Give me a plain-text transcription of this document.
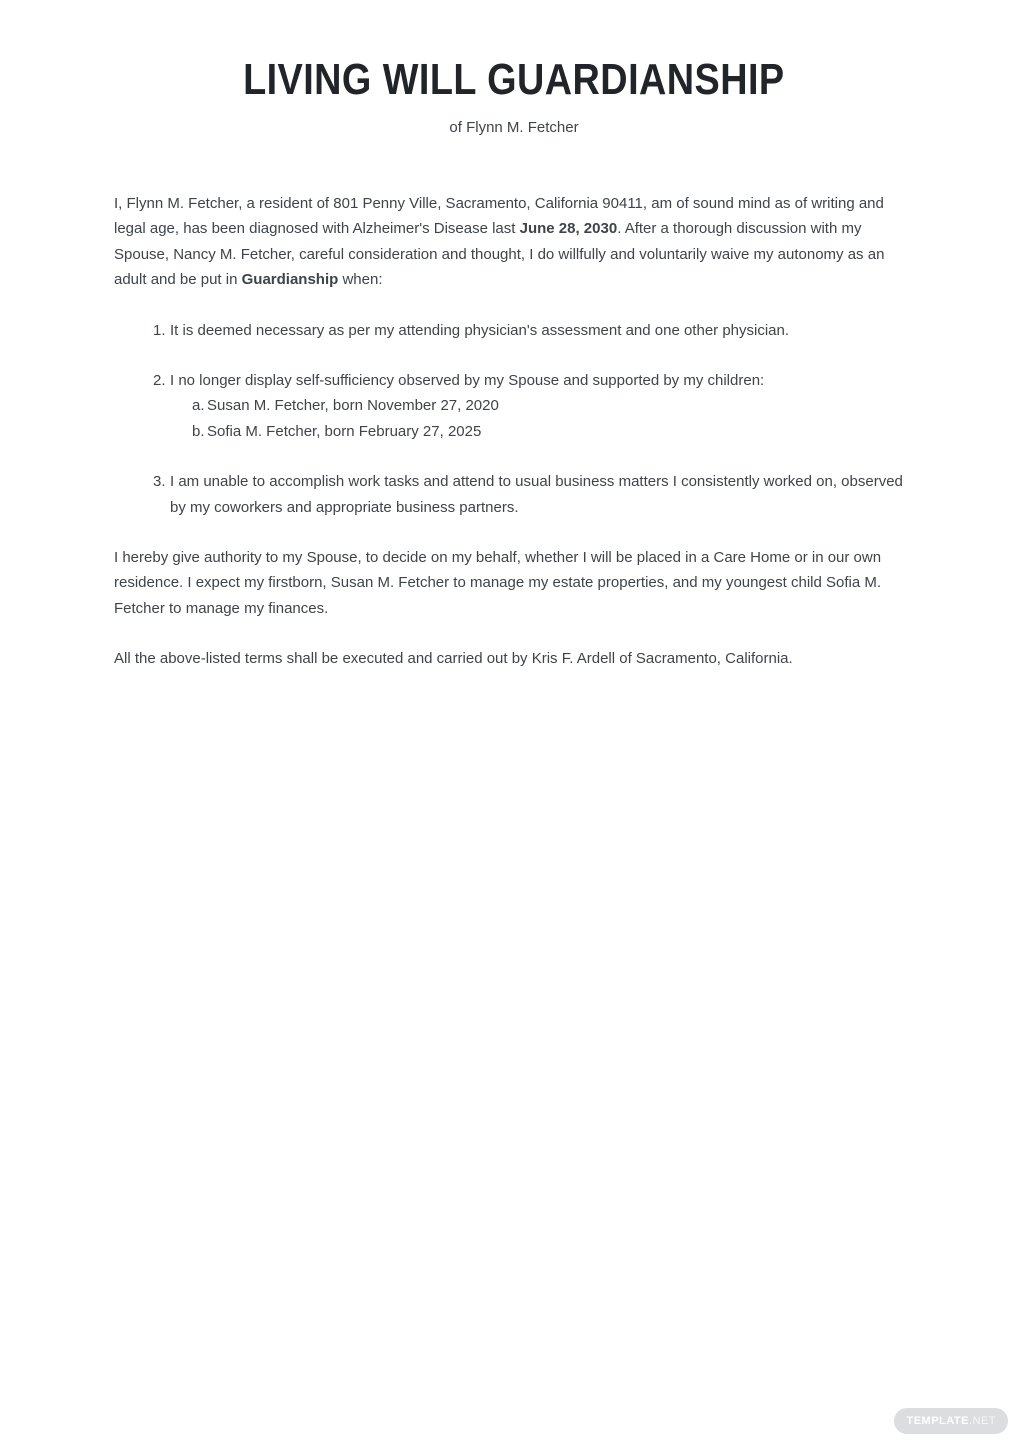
LIVING WILL GUARDIANSHIP
of Flynn M. Fetcher

I, Flynn M. Fetcher, a resident of 801 Penny Ville, Sacramento, California 90411, am of sound mind as of writing and legal age, has been diagnosed with Alzheimer's Disease last June 28, 2030. After a thorough discussion with my Spouse, Nancy M. Fetcher, careful consideration and thought, I do willfully and voluntarily waive my autonomy as an adult and be put in Guardianship when:

1. It is deemed necessary as per my attending physician's assessment and one other physician.
2. I no longer display self-sufficiency observed by my Spouse and supported by my children:
a. Susan M. Fetcher, born November 27, 2020
b. Sofia M. Fetcher, born February 27, 2025
3. I am unable to accomplish work tasks and attend to usual business matters I consistently worked on, observed by my coworkers and appropriate business partners.

I hereby give authority to my Spouse, to decide on my behalf, whether I will be placed in a Care Home or in our own residence. I expect my firstborn, Susan M. Fetcher to manage my estate properties, and my youngest child Sofia M. Fetcher to manage my finances.

All the above-listed terms shall be executed and carried out by Kris F. Ardell of Sacramento, California.

TEMPLATE .NET
